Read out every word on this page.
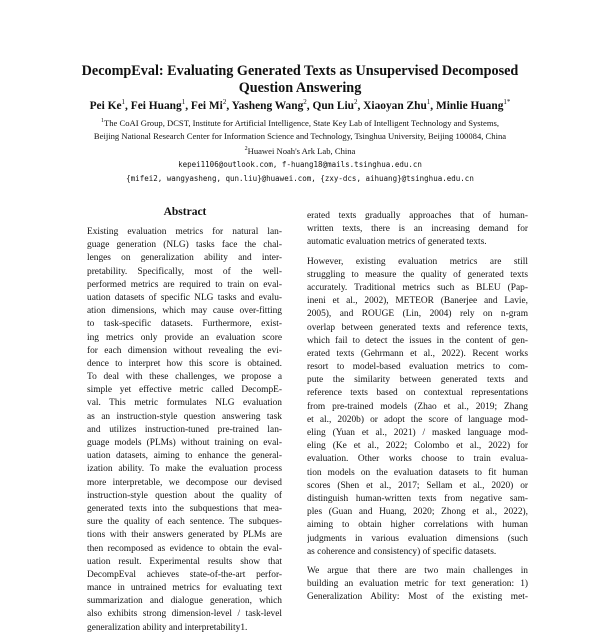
DecompEval: Evaluating Generated Texts as Unsupervised Decomposed
Question Answering
Pei Ke$^1$, Fei Huang$^1$, Fei Mi$^2$, Yasheng Wang$^2$, Qun Liu$^2$, Xiaoyan Zhu$^1$, Minlie Huang$^{1*}$
$^1$The CoAI Group, DCST, Institute for Artificial Intelligence, State Key Lab of Intelligent Technology and Systems,
Beijing National Research Center for Information Science and Technology, Tsinghua University, Beijing 100084, China
$^2$Huawei Noah's Ark Lab, China
kepei1106@outlook.com, f-huang18@mails.tsinghua.edu.cn
{mifei2, wangyasheng, qun.liu}@huawei.com, {zxy-dcs, aihuang}@tsinghua.edu.cn
Abstract
Existing evaluation metrics for natural lan-
guage generation (NLG) tasks face the chal-
lenges on generalization ability and inter-
pretability. Specifically, most of the well-
performed metrics are required to train on eval-
uation datasets of specific NLG tasks and evalu-
ation dimensions, which may cause over-fitting
to task-specific datasets. Furthermore, exist-
ing metrics only provide an evaluation score
for each dimension without revealing the evi-
dence to interpret how this score is obtained.
To deal with these challenges, we propose a
simple yet effective metric called DecompE-
val. This metric formulates NLG evaluation
as an instruction-style question answering task
and utilizes instruction-tuned pre-trained lan-
guage models (PLMs) without training on eval-
uation datasets, aiming to enhance the general-
ization ability. To make the evaluation process
more interpretable, we decompose our devised
instruction-style question about the quality of
generated texts into the subquestions that mea-
sure the quality of each sentence. The subques-
tions with their answers generated by PLMs are
then recomposed as evidence to obtain the eval-
uation result. Experimental results show that
DecompEval achieves state-of-the-art perfor-
mance in untrained metrics for evaluating text
summarization and dialogue generation, which
also exhibits strong dimension-level / task-level
generalization ability and interpretability1.
erated texts gradually approaches that of human-
written texts, there is an increasing demand for
automatic evaluation metrics of generated texts.
However, existing evaluation metrics are still
struggling to measure the quality of generated texts
accurately. Traditional metrics such as BLEU (Pap-
ineni et al., 2002), METEOR (Banerjee and Lavie,
2005), and ROUGE (Lin, 2004) rely on n-gram
overlap between generated texts and reference texts,
which fail to detect the issues in the content of gen-
erated texts (Gehrmann et al., 2022). Recent works
resort to model-based evaluation metrics to com-
pute the similarity between generated texts and
reference texts based on contextual representations
from pre-trained models (Zhao et al., 2019; Zhang
et al., 2020b) or adopt the score of language mod-
eling (Yuan et al., 2021) / masked language mod-
eling (Ke et al., 2022; Colombo et al., 2022) for
evaluation. Other works choose to train evalua-
tion models on the evaluation datasets to fit human
scores (Shen et al., 2017; Sellam et al., 2020) or
distinguish human-written texts from negative sam-
ples (Guan and Huang, 2020; Zhong et al., 2022),
aiming to obtain higher correlations with human
judgments in various evaluation dimensions (such
as coherence and consistency) of specific datasets.
We argue that there are two main challenges in
building an evaluation metric for text generation: 1)
Generalization Ability: Most of the existing met-
